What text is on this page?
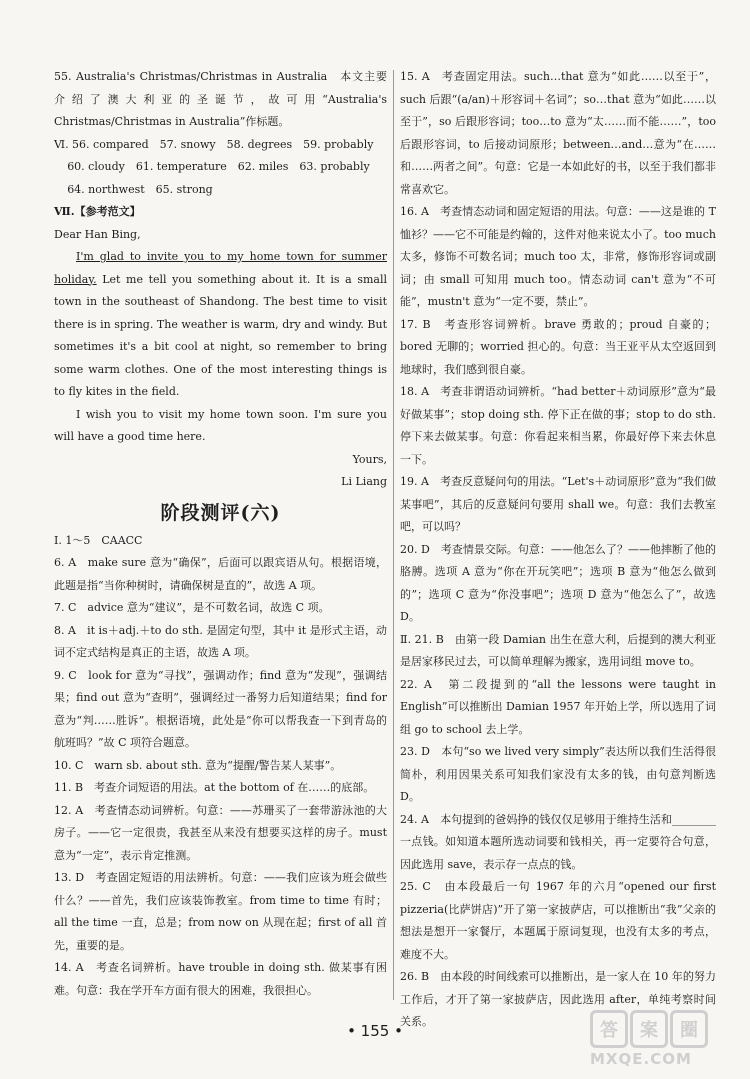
55. Australia's Christmas/Christmas in Australia　本文主要介绍了澳大利亚的圣诞节，故可用“Australia's Christmas/Christmas in Australia”作标题。
Ⅵ. 56. compared　57. snowy　58. degrees　59. probably
60. cloudy　61. temperature　62. miles　63. probably
64. northwest　65. strong
Ⅶ.【参考范文】

Dear Han Bing,

I'm glad to invite you to my home town for summer holiday. Let me tell you something about it. It is a small town in the southeast of Shandong. The best time to visit there is in spring. The weather is warm, dry and windy. But sometimes it's a bit cool at night, so remember to bring some warm clothes. One of the most interesting things is to fly kites in the field.

I wish you to visit my home town soon. I'm sure you will have a good time here.

Yours,
Li Liang
阶段测评(六)
Ⅰ. 1～5　CAACC
6. A　make sure 意为“确保”，后面可以跟宾语从句。根据语境，此题是指“当你种树时，请确保树是直的”，故选 A 项。
7. C　advice 意为“建议”，是不可数名词，故选 C 项。
8. A　it is＋adj.＋to do sth. 是固定句型，其中 it 是形式主语，动词不定式结构是真正的主语，故选 A 项。
9. C　look for 意为“寻找”，强调动作；find 意为“发现”，强调结果；find out 意为“查明”，强调经过一番努力后知道结果；find for 意为“判……胜诉”。根据语境，此处是“你可以帮我查一下到青岛的航班吗？”故 C 项符合题意。
10. C　warn sb. about sth. 意为“提醒/警告某人某事”。
11. B　考查介词短语的用法。at the bottom of 在……的底部。
12. A　考查情态动词辨析。句意：——苏珊买了一套带游泳池的大房子。——它一定很贵，我甚至从来没有想要买这样的房子。must 意为“一定”，表示肯定推测。
13. D　考查固定短语的用法辨析。句意：——我们应该为班会做些什么？——首先，我们应该装饰教室。from time to time 有时；all the time 一直，总是；from now on 从现在起；first of all 首先，重要的是。
14. A　考查名词辨析。have trouble in doing sth. 做某事有困难。句意：我在学开车方面有很大的困难，我很担心。
15. A　考查固定用法。such…that 意为“如此……以至于”，such 后跟“(a/an)＋形容词＋名词”；so…that 意为“如此……以至于”，so 后跟形容词；too…to 意为“太……而不能……”，too 后跟形容词，to 后接动词原形；between…and…意为“在……和……两者之间”。句意：它是一本如此好的书，以至于我们都非常喜欢它。
16. A　考查情态动词和固定短语的用法。句意：——这是谁的 T 恤衫？——它不可能是约翰的，这件对他来说太小了。too much 太多，修饰不可数名词；much too 太，非常，修饰形容词或副词；由 small 可知用 much too。情态动词 can't 意为“不可能”，mustn't 意为“一定不要，禁止”。
17. B　考查形容词辨析。brave 勇敢的；proud 自豪的；bored 无聊的；worried 担心的。句意：当王亚平从太空返回到地球时，我们感到很自豪。
18. A　考查非谓语动词辨析。“had better＋动词原形”意为“最好做某事”；stop doing sth. 停下正在做的事；stop to do sth. 停下来去做某事。句意：你看起来相当累，你最好停下来去休息一下。
19. A　考查反意疑问句的用法。“Let's＋动词原形”意为“我们做某事吧”，其后的反意疑问句要用 shall we。句意：我们去教室吧，可以吗？
20. D　考查情景交际。句意：——他怎么了？——他摔断了他的胳膊。选项 A 意为“你在开玩笑吧”；选项 B 意为“他怎么做到的”；选项 C 意为“你没事吧”；选项 D 意为“他怎么了”，故选 D。
Ⅱ. 21. B　由第一段 Damian 出生在意大利，后提到的澳大利亚是居家移民过去，可以简单理解为搬家，选用词组 move to。
22. A　第二段提到的“all the lessons were taught in English”可以推断出 Damian 1957 年开始上学，所以选用了词组 go to school 去上学。
23. D　本句“so we lived very simply”表达所以我们生活得很简朴，利用因果关系可知我们家没有太多的钱，由句意判断选 D。
24. A　本句提到的爸妈挣的钱仅仅足够用于维持生活和________一点钱。如知道本题所选动词要和钱相关，再一定要符合句意，因此选用 save，表示存一点点的钱。
25. C　由本段最后一句 1967 年的六月“opened our first pizzeria(比萨饼店)”开了第一家披萨店，可以推断出“我”父亲的想法是想开一家餐厅，本题属于原词复现，也没有太多的考点，难度不大。
26. B　由本段的时间线索可以推断出，是一家人在 10 年的努力工作后，才开了第一家披萨店，因此选用 after，单纯考察时间关系。
• 155 •	答	案	圈
MXQE.COM
